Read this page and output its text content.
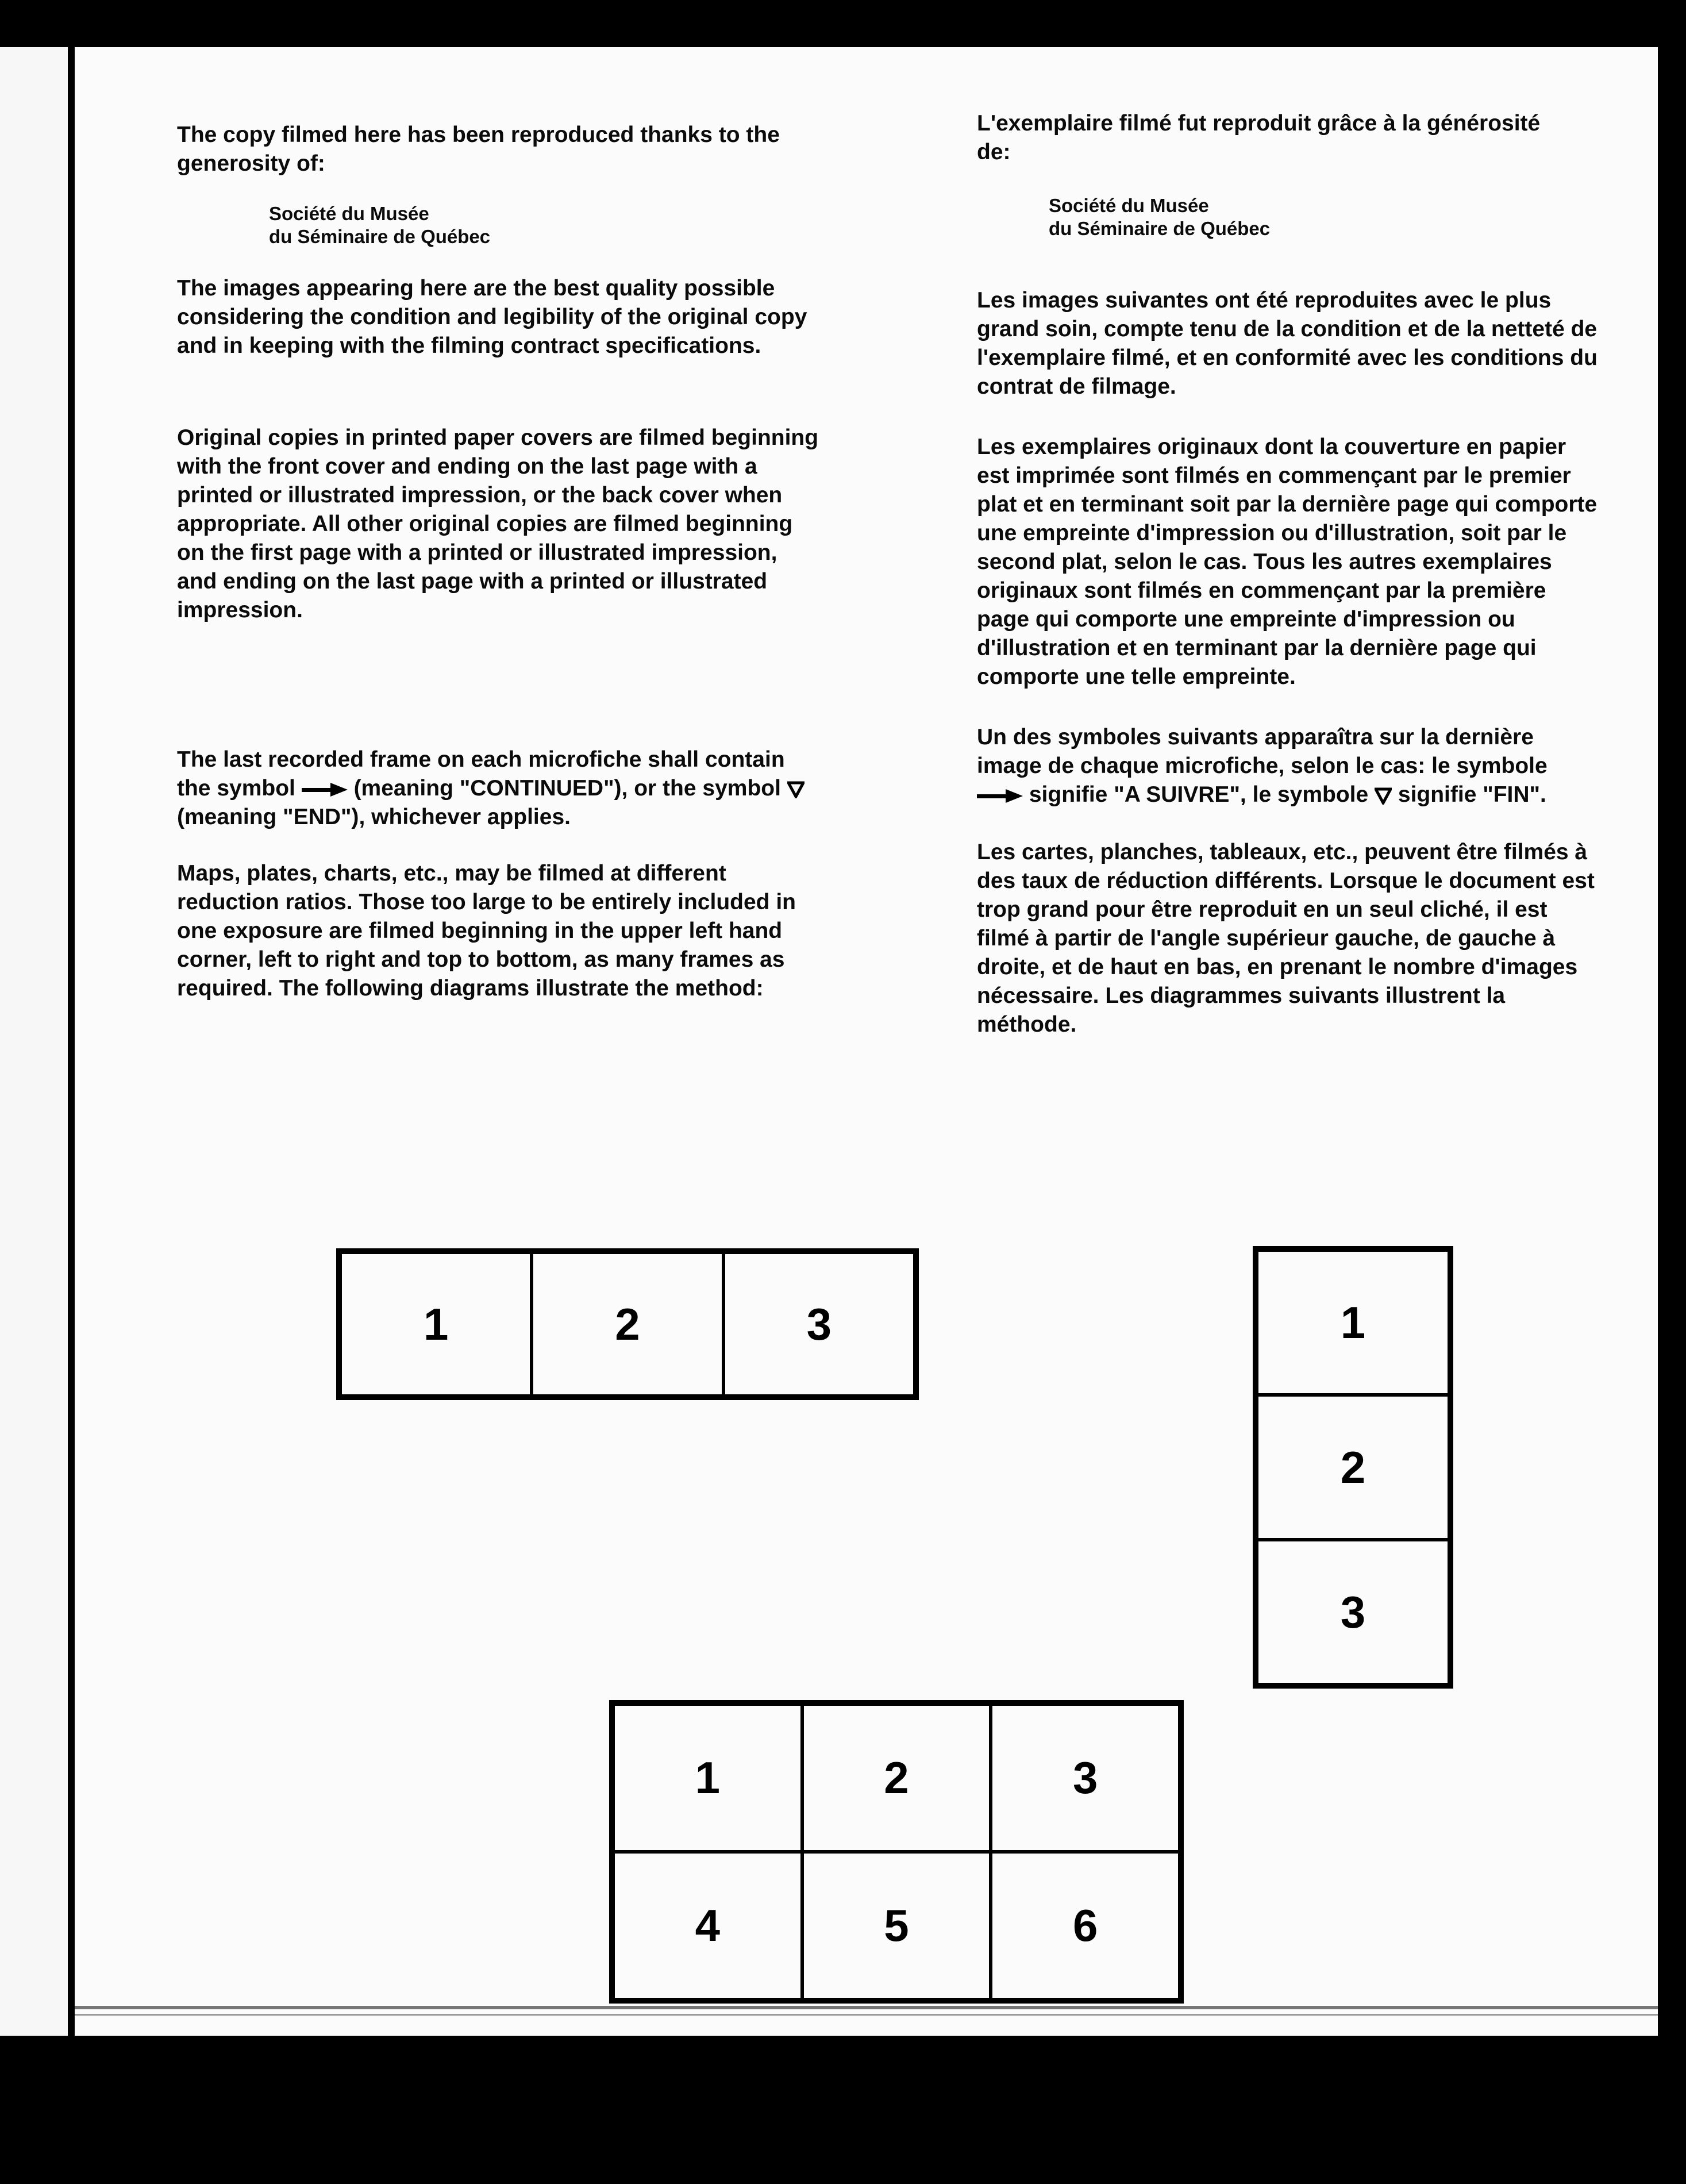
The copy filmed here has been reproduced thanks to the generosity of:

Société du Musée
du Séminaire de Québec

The images appearing here are the best quality possible considering the condition and legibility of the original copy and in keeping with the filming contract specifications.

Original copies in printed paper covers are filmed beginning with the front cover and ending on the last page with a printed or illustrated impression, or the back cover when appropriate. All other original copies are filmed beginning on the first page with a printed or illustrated impression, and ending on the last page with a printed or illustrated impression.

The last recorded frame on each microfiche shall contain the symbol	(meaning "CONTINUED"), or the symbol  (meaning "END"), whichever applies.

Maps, plates, charts, etc., may be filmed at different reduction ratios. Those too large to be entirely included in one exposure are filmed beginning in the upper left hand corner, left to right and top to bottom, as many frames as required. The following diagrams illustrate the method:

L'exemplaire filmé fut reproduit grâce à la générosité de:

Société du Musée
du Séminaire de Québec

Les images suivantes ont été reproduites avec le plus grand soin, compte tenu de la condition et de la netteté de l'exemplaire filmé, et en conformité avec les conditions du contrat de filmage.

Les exemplaires originaux dont la couverture en papier est imprimée sont filmés en commençant par le premier plat et en terminant soit par la dernière page qui comporte une empreinte d'impression ou d'illustration, soit par le second plat, selon le cas. Tous les autres exemplaires originaux sont filmés en commençant par la première page qui comporte une empreinte d'impression ou d'illustration et en terminant par la dernière page qui comporte une telle empreinte.

Un des symboles suivants apparaîtra sur la dernière image de chaque microfiche, selon le cas: le symbole  signifie "A SUIVRE", le symbole signifie "FIN".

Les cartes, planches, tableaux, etc., peuvent être filmés à des taux de réduction différents. Lorsque le document est trop grand pour être reproduit en un seul cliché, il est filmé à partir de l'angle supérieur gauche, de gauche à droite, et de haut en bas, en prenant le nombre d'images nécessaire. Les diagrammes suivants illustrent la méthode.

1	2	3	1
2
3
1	2	3
4	5	6
